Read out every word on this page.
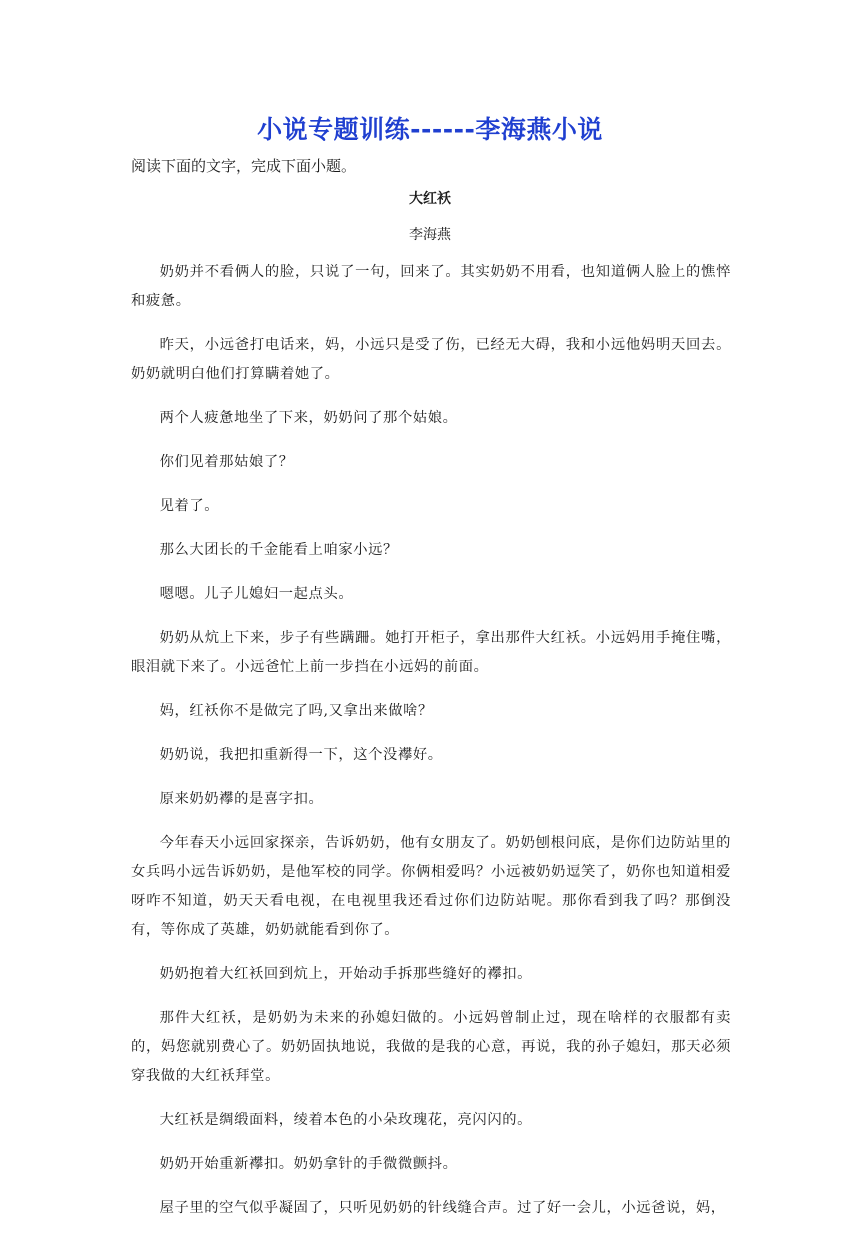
小说专题训练------李海燕小说
阅读下面的文字，完成下面小题。
大红袄
李海燕

奶奶并不看俩人的脸，只说了一句，回来了。其实奶奶不用看，也知道俩人脸上的憔悴和疲惫。

昨天，小远爸打电话来，妈，小远只是受了伤，已经无大碍，我和小远他妈明天回去。奶奶就明白他们打算瞒着她了。

两个人疲惫地坐了下来，奶奶问了那个姑娘。

你们见着那姑娘了？

见着了。

那么大团长的千金能看上咱家小远？

嗯嗯。儿子儿媳妇一起点头。

奶奶从炕上下来，步子有些蹒跚。她打开柜子，拿出那件大红袄。小远妈用手掩住嘴，眼泪就下来了。小远爸忙上前一步挡在小远妈的前面。

妈，红袄你不是做完了吗,又拿出来做啥？

奶奶说，我把扣重新得一下，这个没襻好。

原来奶奶襻的是喜字扣。

今年春天小远回家探亲，告诉奶奶，他有女朋友了。奶奶刨根问底，是你们边防站里的女兵吗小远告诉奶奶，是他军校的同学。你俩相爱吗？小远被奶奶逗笑了，奶你也知道相爱呀咋不知道，奶天天看电视，在电视里我还看过你们边防站呢。那你看到我了吗？那倒没有，等你成了英雄，奶奶就能看到你了。

奶奶抱着大红袄回到炕上，开始动手拆那些缝好的襻扣。

那件大红袄，是奶奶为未来的孙媳妇做的。小远妈曾制止过，现在啥样的衣服都有卖的，妈您就别费心了。奶奶固执地说，我做的是我的心意，再说，我的孙子媳妇，那天必须穿我做的大红袄拜堂。

大红袄是绸缎面料，绫着本色的小朵玫瑰花，亮闪闪的。

奶奶开始重新襻扣。奶奶拿针的手微微颤抖。

屋子里的空气似乎凝固了，只听见奶奶的针线缝合声。过了好一会儿，小远爸说，妈，
